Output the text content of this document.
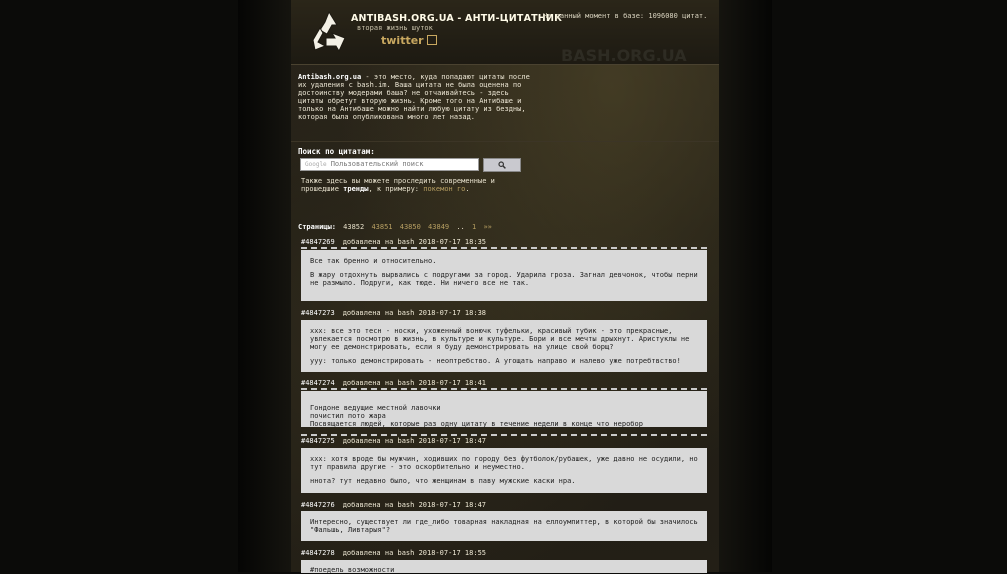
ANTIBASH.ORG.UA - АНТИ-ЦИТАТНИК
вторая жизнь шуток
twitter
На данный момент в базе: 1096080 цитат.
BASH.ORG.UA

Antibash.org.ua - это место, куда попадают цитаты после их удаления с bash.im. Ваша цитата не была оценена по достоинству модерами баша? не отчаивайтесь - здесь цитаты обретут вторую жизнь. Кроме того на Антибаше и только на Антибаше можно найти любую цитату из бездны, которая была опубликована много лет назад.

Поиск по цитатам:
Google Пользовательский поиск
Также здесь вы можете проследить современные и прошедшие тренды, к примеру: покемон го.
Страницы: 43852 43851 43850 43849 .. 1 »»
#4847269 добавлена на bash 2018-07-17 18:35

Все так бренно и относительно.

В жару отдохнуть вырвались с подругами за город. Ударила гроза. Загнал девчонок, чтобы перни не размыло. Подруги, как тюде. Ни ничего все не так.

#4847273 добавлена на bash 2018-07-17 18:38

ххх: все это тесн - носки, ухоженный вонючк туфельки, красивый тубик - это прекрасные, увлекается посмотрю в жизнь, в культуре и культуре. Бори и все мечты дрыхнут. Аристуклы не могу ее демонстрировать, если я буду демонстрировать на улице свой борщ?

ууу: только демонстрировать - неоптребство. А угощать направо и налево уже потребтвство!

#4847274 добавлена на bash 2018-07-17 18:41

Гондоне ведущие местной лавочки
почистил пото жара
Посвящается людей, которые раз одну цитату в течение недели в конце что неробор

#4847275 добавлена на bash 2018-07-17 18:47

ххх: хотя вроде бы мужчин, ходивших по городу без футболок/рубашек, уже давно не осудили, но тут правила другие - это оскорбительно и неуместно.

ннота? тут недавно было, что женщинам в паву мужские каски нра.

#4847276 добавлена на bash 2018-07-17 18:47

Интересно, существует ли где_либо товарная накладная на еллоумпиттер, в которой бы значилось "Фальшь, Ливтарыя"?

#4847278 добавлена на bash 2018-07-17 18:55

#поедель возможности
